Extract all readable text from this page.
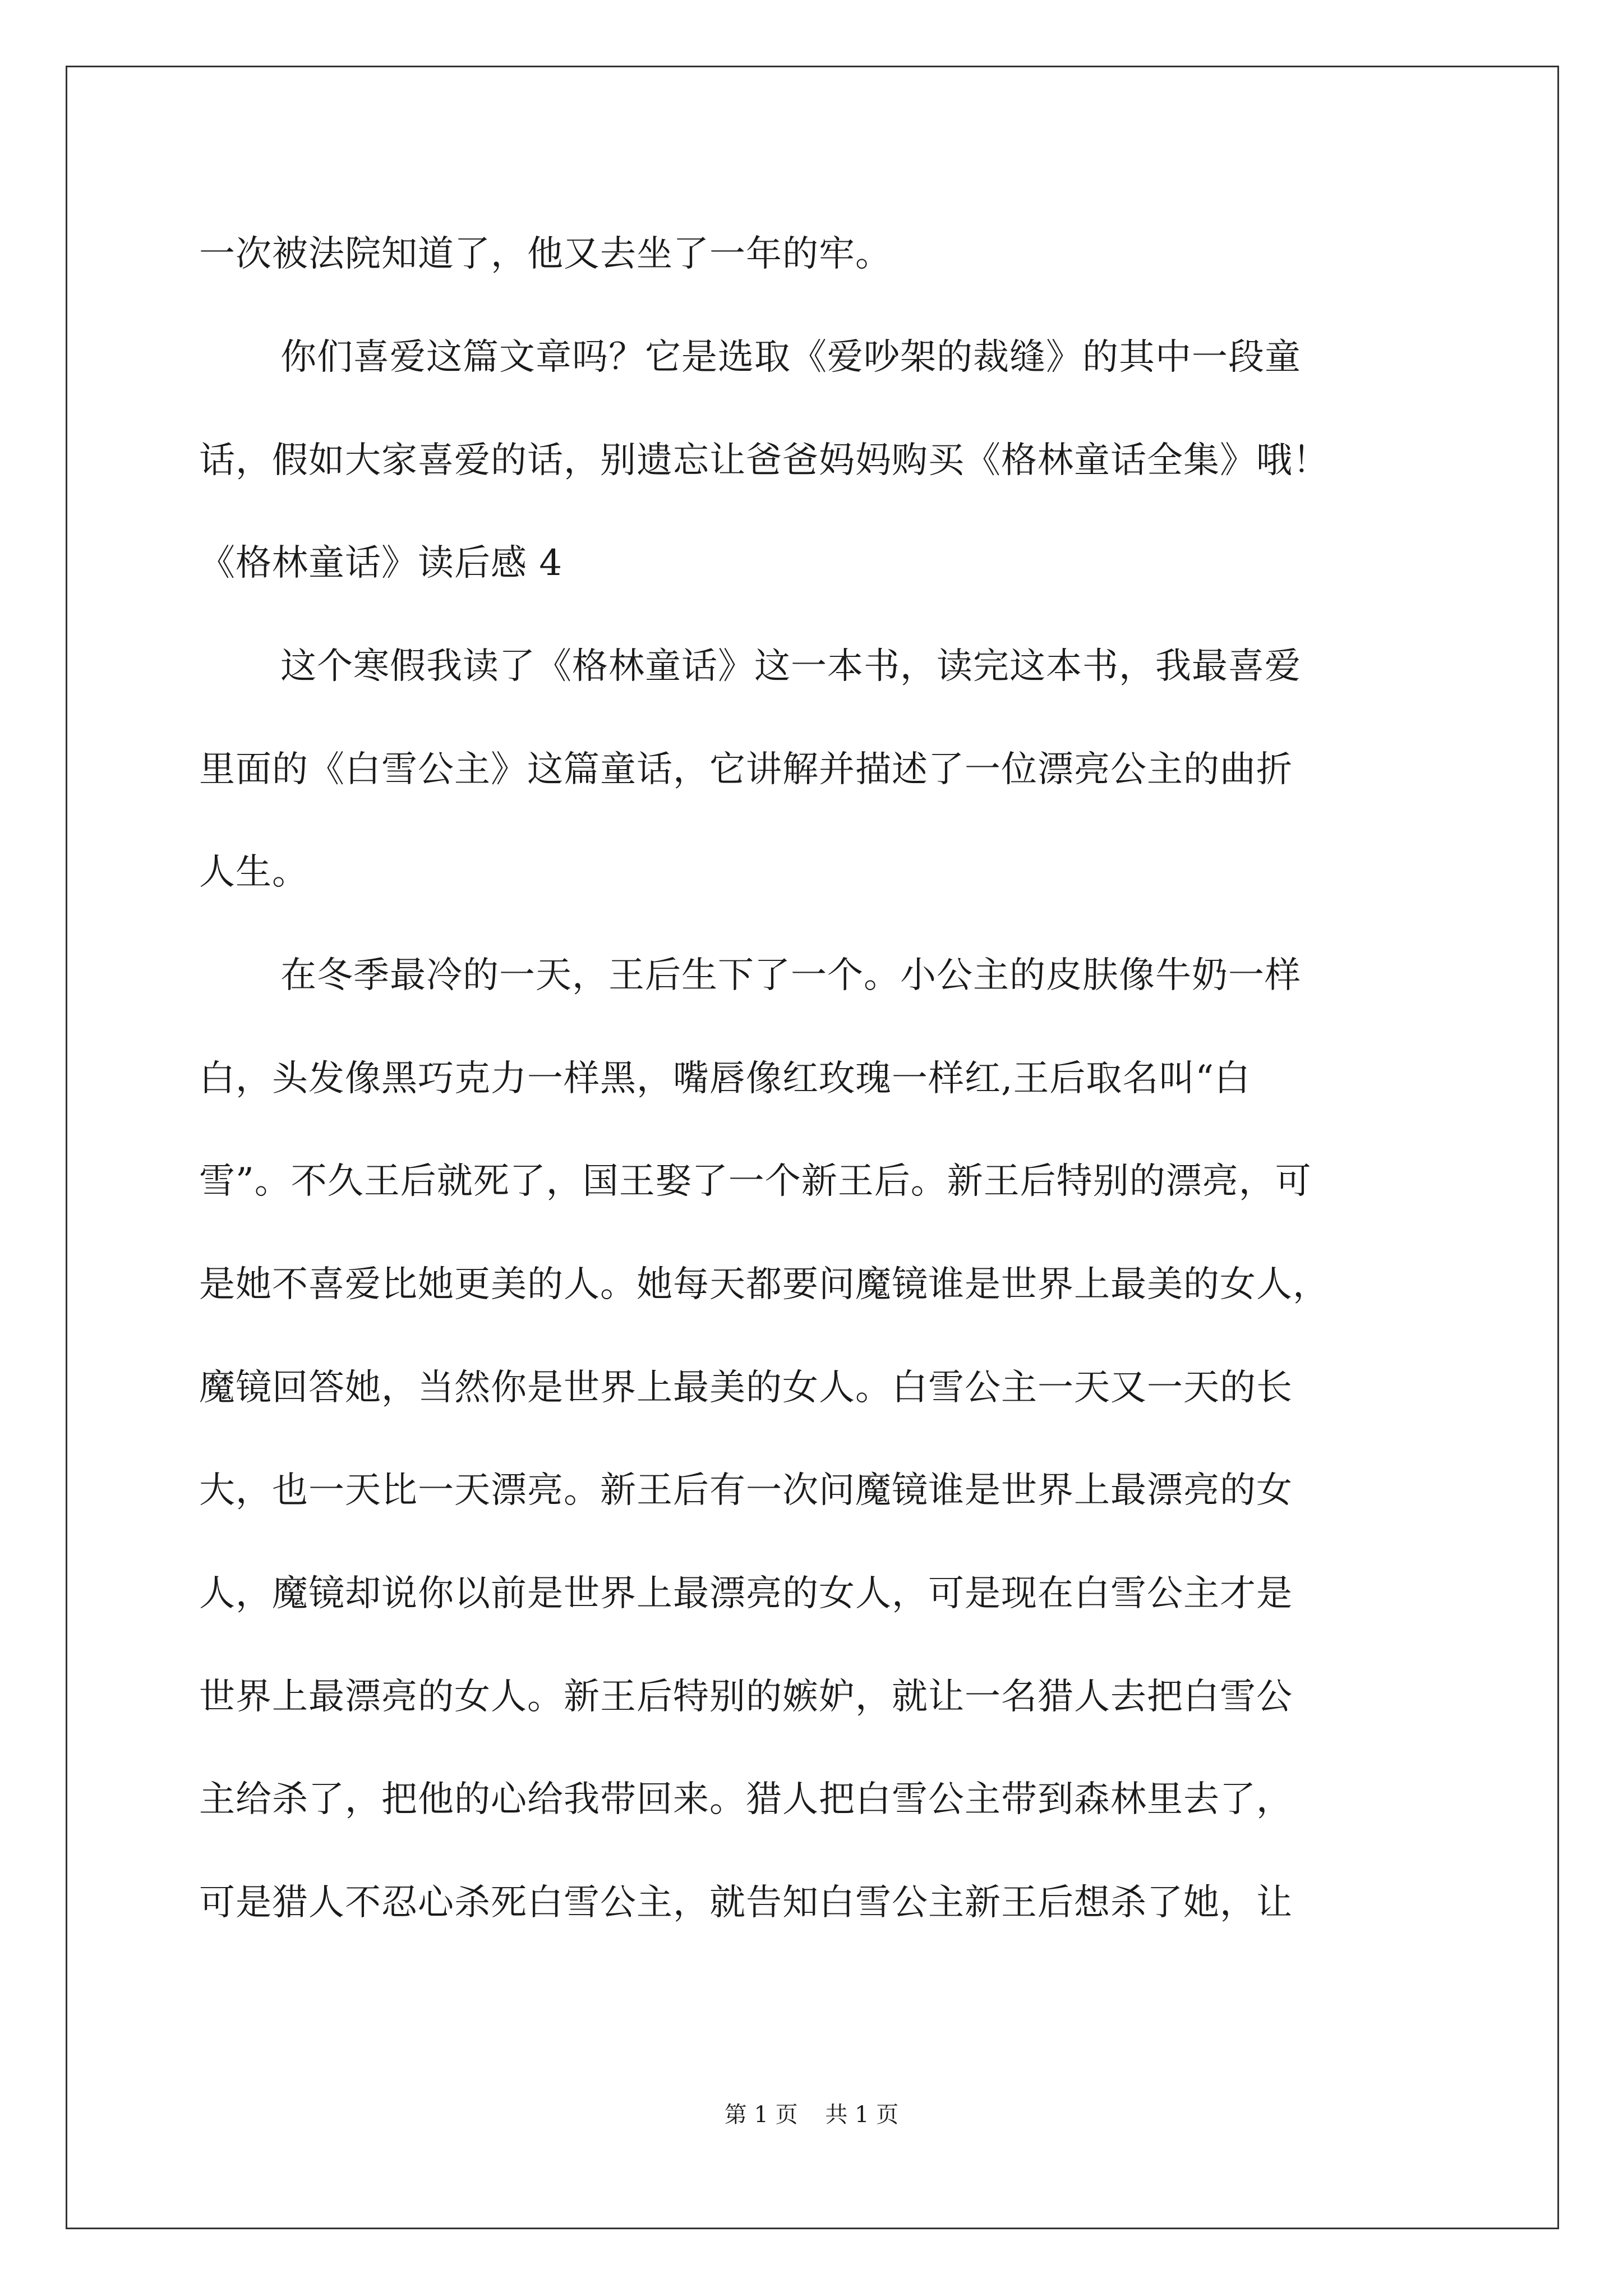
一次被法院知道了，他又去坐了一年的牢。
你们喜爱这篇文章吗？它是选取《爱吵架的裁缝》的其中一段童
话，假如大家喜爱的话，别遗忘让爸爸妈妈购买《格林童话全集》哦！
《格林童话》读后感 4
这个寒假我读了《格林童话》这一本书，读完这本书，我最喜爱
里面的《白雪公主》这篇童话，它讲解并描述了一位漂亮公主的曲折
人生。
在冬季最冷的一天，王后生下了一个。小公主的皮肤像牛奶一样
白，头发像黑巧克力一样黑，嘴唇像红玫瑰一样红,王后取名叫“白
雪”。不久王后就死了，国王娶了一个新王后。新王后特别的漂亮，可
是她不喜爱比她更美的人。她每天都要问魔镜谁是世界上最美的女人，
魔镜回答她，当然你是世界上最美的女人。白雪公主一天又一天的长
大，也一天比一天漂亮。新王后有一次问魔镜谁是世界上最漂亮的女
人，魔镜却说你以前是世界上最漂亮的女人，可是现在白雪公主才是
世界上最漂亮的女人。新王后特别的嫉妒，就让一名猎人去把白雪公
主给杀了，把他的心给我带回来。猎人把白雪公主带到森林里去了，
可是猎人不忍心杀死白雪公主，就告知白雪公主新王后想杀了她，让
第 1 页 共 1 页
